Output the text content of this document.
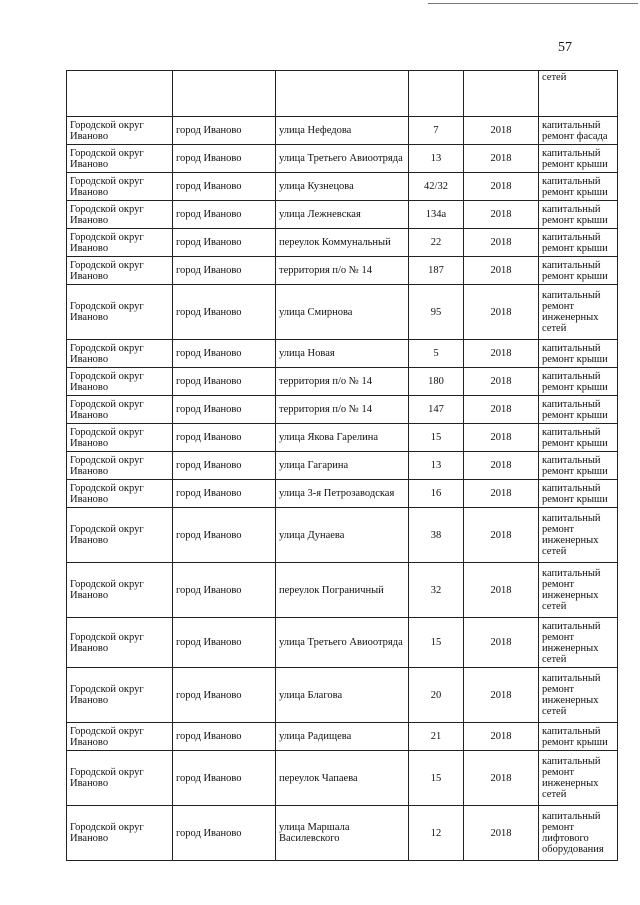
57
					сетей
Городской округ Иваново	город Иваново	улица Нефедова	7	2018	капитальный ремонт фасада
Городской округ Иваново	город Иваново	улица Третьего Авиоотряда	13	2018	капитальный ремонт крыши
Городской округ Иваново	город Иваново	улица Кузнецова	42/32	2018	капитальный ремонт крыши
Городской округ Иваново	город Иваново	улица Лежневская	134а	2018	капитальный ремонт крыши
Городской округ Иваново	город Иваново	переулок Коммунальный	22	2018	капитальный ремонт крыши
Городской округ Иваново	город Иваново	территория п/о № 14	187	2018	капитальный ремонт крыши
Городской округ Иваново	город Иваново	улица Смирнова	95	2018	капитальный ремонт инженерных сетей
Городской округ Иваново	город Иваново	улица Новая	5	2018	капитальный ремонт крыши
Городской округ Иваново	город Иваново	территория п/о № 14	180	2018	капитальный ремонт крыши
Городской округ Иваново	город Иваново	территория п/о № 14	147	2018	капитальный ремонт крыши
Городской округ Иваново	город Иваново	улица Якова Гарелина	15	2018	капитальный ремонт крыши
Городской округ Иваново	город Иваново	улица Гагарина	13	2018	капитальный ремонт крыши
Городской округ Иваново	город Иваново	улица 3-я Петрозаводская	16	2018	капитальный ремонт крыши
Городской округ Иваново	город Иваново	улица Дунаева	38	2018	капитальный ремонт инженерных сетей
Городской округ Иваново	город Иваново	переулок Пограничный	32	2018	капитальный ремонт инженерных сетей
Городской округ Иваново	город Иваново	улица Третьего Авиоотряда	15	2018	капитальный ремонт инженерных сетей
Городской округ Иваново	город Иваново	улица Благова	20	2018	капитальный ремонт инженерных сетей
Городской округ Иваново	город Иваново	улица Радищева	21	2018	капитальный ремонт крыши
Городской округ Иваново	город Иваново	переулок Чапаева	15	2018	капитальный ремонт инженерных сетей
Городской округ Иваново	город Иваново	улица Маршала Василевского	12	2018	капитальный ремонт лифтового оборудования
